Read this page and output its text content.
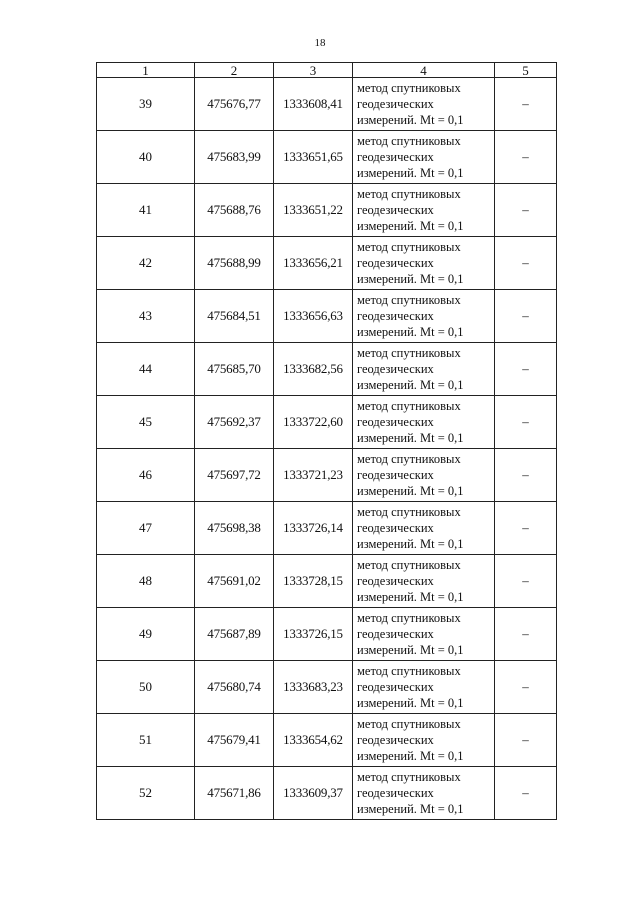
18
1	2	3	4	5
39	475676,77	1333608,41	метод спутниковых геодезических измерений. Mt = 0,1	–
40	475683,99	1333651,65	метод спутниковых геодезических измерений. Mt = 0,1	–
41	475688,76	1333651,22	метод спутниковых геодезических измерений. Mt = 0,1	–
42	475688,99	1333656,21	метод спутниковых геодезических измерений. Mt = 0,1	–
43	475684,51	1333656,63	метод спутниковых геодезических измерений. Mt = 0,1	–
44	475685,70	1333682,56	метод спутниковых геодезических измерений. Mt = 0,1	–
45	475692,37	1333722,60	метод спутниковых геодезических измерений. Mt = 0,1	–
46	475697,72	1333721,23	метод спутниковых геодезических измерений. Mt = 0,1	–
47	475698,38	1333726,14	метод спутниковых геодезических измерений. Mt = 0,1	–
48	475691,02	1333728,15	метод спутниковых геодезических измерений. Mt = 0,1	–
49	475687,89	1333726,15	метод спутниковых геодезических измерений. Mt = 0,1	–
50	475680,74	1333683,23	метод спутниковых геодезических измерений. Mt = 0,1	–
51	475679,41	1333654,62	метод спутниковых геодезических измерений. Mt = 0,1	–
52	475671,86	1333609,37	метод спутниковых геодезических измерений. Mt = 0,1	–
